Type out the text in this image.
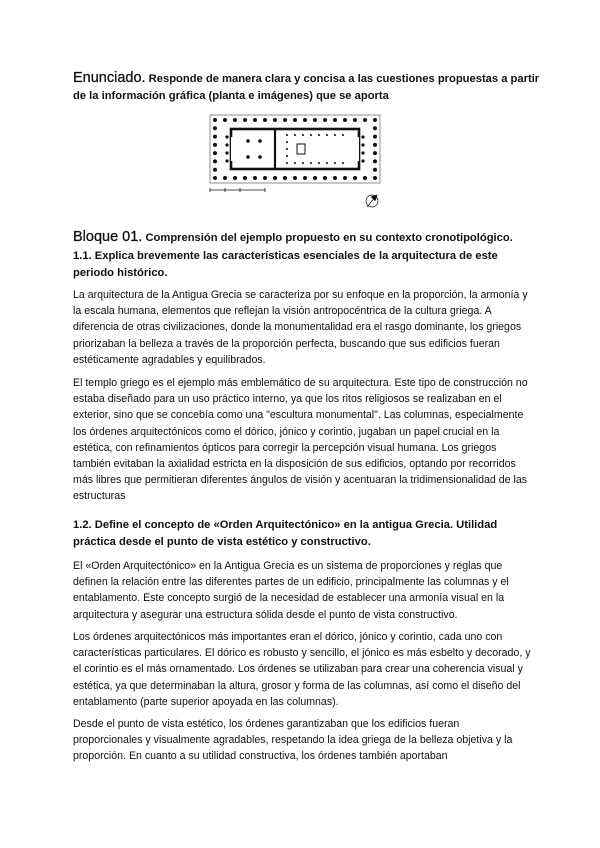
Enunciado. Responde de manera clara y concisa a las cuestiones propuestas a partir de la información gráfica (planta e imágenes) que se aporta
Bloque 01. Comprensión del ejemplo propuesto en su contexto cronotipológico.
1.1. Explica brevemente las características esenciales de la arquitectura de este periodo histórico.

La arquitectura de la Antigua Grecia se caracteriza por su enfoque en la proporción, la armonía y la escala humana, elementos que reflejan la visión antropocéntrica de la cultura griega. A diferencia de otras civilizaciones, donde la monumentalidad era el rasgo dominante, los griegos priorizaban la belleza a través de la proporción perfecta, buscando que sus edificios fueran estéticamente agradables y equilibrados.

El templo griego es el ejemplo más emblemático de su arquitectura. Este tipo de construcción no estaba diseñado para un uso práctico interno, ya que los ritos religiosos se realizaban en el exterior, sino que se concebía como una "escultura monumental". Las columnas, especialmente los órdenes arquitectónicos como el dórico, jónico y corintio, jugaban un papel crucial en la estética, con refinamientos ópticos para corregir la percepción visual humana. Los griegos también evitaban la axialidad estricta en la disposición de sus edificios, optando por recorridos más libres que permitieran diferentes ángulos de visión y acentuaran la tridimensionalidad de las estructuras

1.2. Define el concepto de «Orden Arquitectónico» en la antigua Grecia. Utilidad práctica desde el punto de vista estético y constructivo.

El «Orden Arquitectónico» en la Antigua Grecia es un sistema de proporciones y reglas que definen la relación entre las diferentes partes de un edificio, principalmente las columnas y el entablamento. Este concepto surgió de la necesidad de establecer una armonía visual en la arquitectura y asegurar una estructura sólida desde el punto de vista constructivo.

Los órdenes arquitectónicos más importantes eran el dórico, jónico y corintio, cada uno con características particulares. El dórico es robusto y sencillo, el jónico es más esbelto y decorado, y el corintio es el más ornamentado. Los órdenes se utilizaban para crear una coherencia visual y estética, ya que determinaban la altura, grosor y forma de las columnas, así como el diseño del entablamento (parte superior apoyada en las columnas).

Desde el punto de vista estético, los órdenes garantizaban que los edificios fueran proporcionales y visualmente agradables, respetando la idea griega de la belleza objetiva y la proporción. En cuanto a su utilidad constructiva, los órdenes también aportaban
